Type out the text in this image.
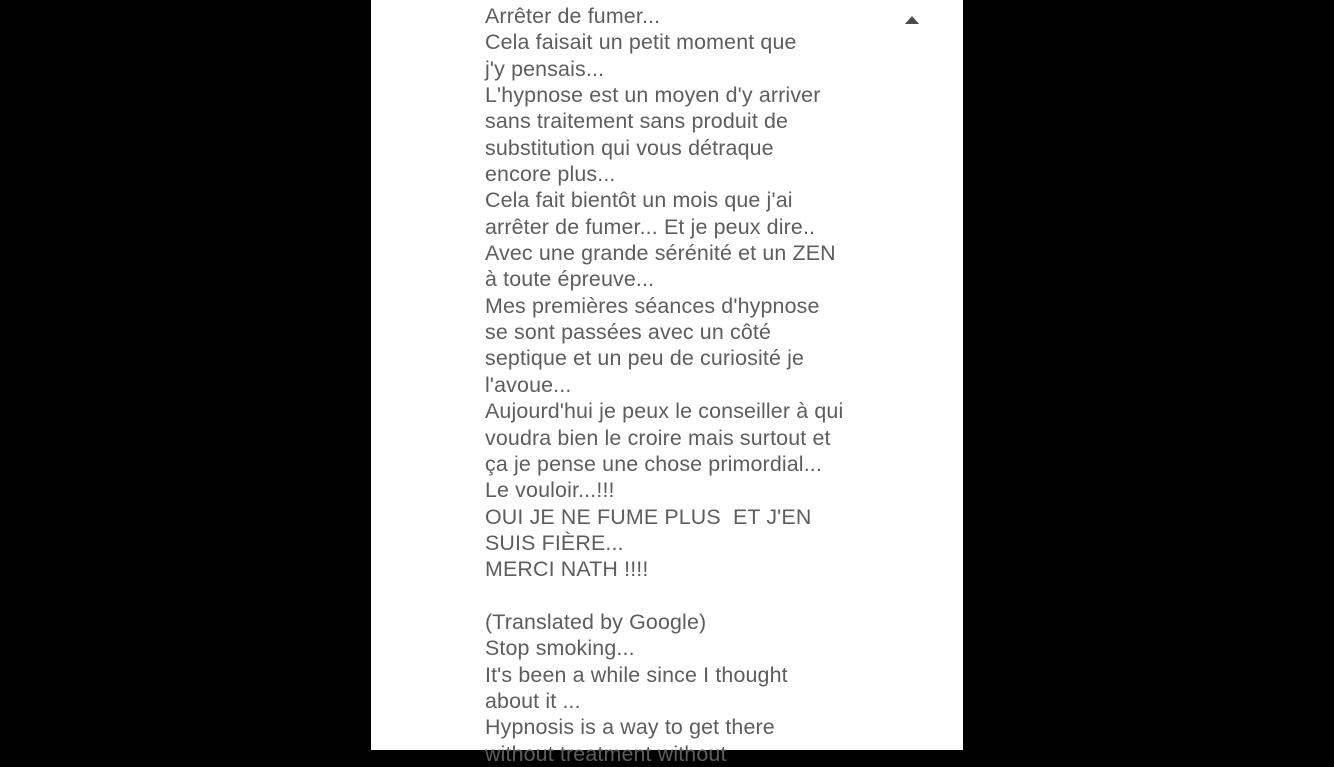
Arrêter de fumer...
Cela faisait un petit moment que
j'y pensais...
L'hypnose est un moyen d'y arriver
sans traitement sans produit de
substitution qui vous détraque
encore plus...
Cela fait bientôt un mois que j'ai
arrêter de fumer... Et je peux dire..
Avec une grande sérénité et un ZEN
à toute épreuve...
Mes premières séances d'hypnose
se sont passées avec un côté
septique et un peu de curiosité je
l'avoue...
Aujourd'hui je peux le conseiller à qui
voudra bien le croire mais surtout et
ça je pense une chose primordial...
Le vouloir...!!!
OUI JE NE FUME PLUS  ET J'EN
SUIS FIÈRE...
MERCI NATH !!!!
(Translated by Google)
Stop smoking...
It's been a while since I thought
about it ...
Hypnosis is a way to get there
without treatment without
